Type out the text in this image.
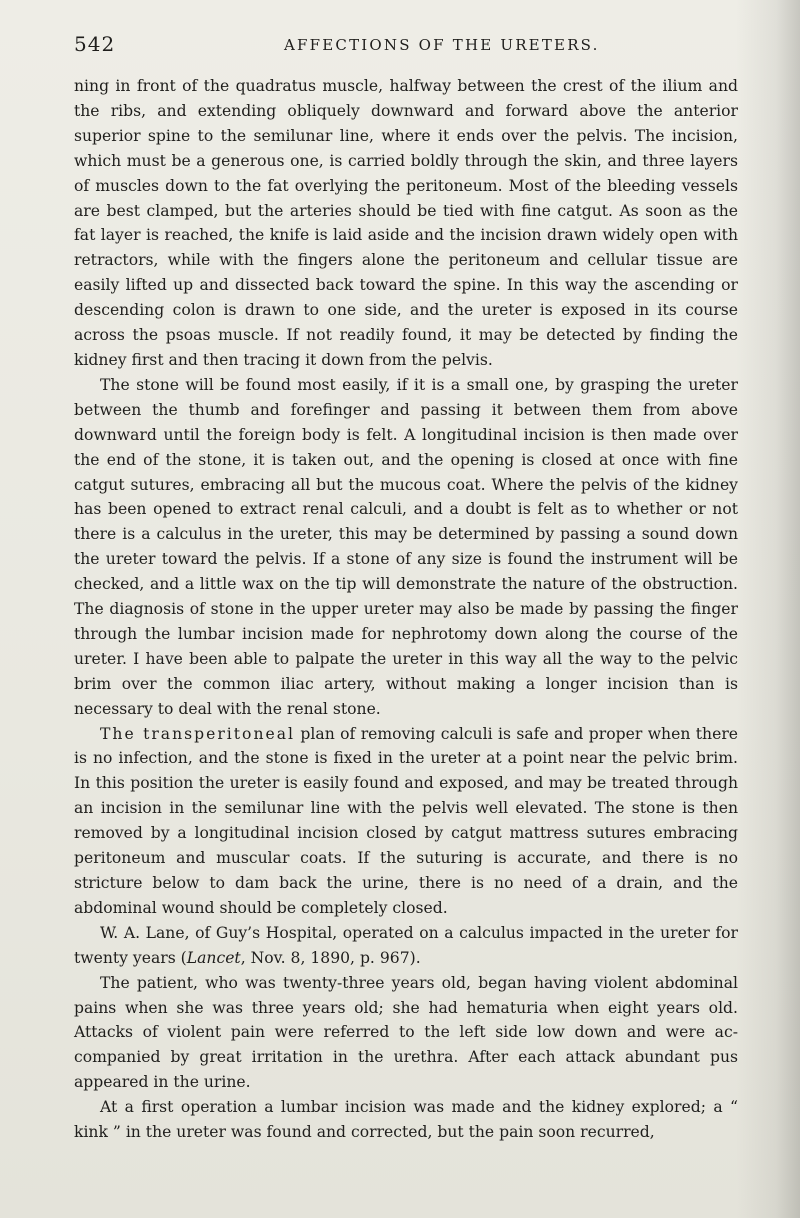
542	AFFECTIONS OF THE URETERS.

ning in front of the quadratus muscle, halfway between the crest of the ilium and the ribs, and extending obliquely downward and forward above the anterior superior spine to the semilunar line, where it ends over the pelvis. The incision, which must be a generous one, is carried boldly through the skin, and three layers of muscles down to the fat overlying the peritoneum. Most of the bleeding vessels are best clamped, but the arteries should be tied with fine catgut. As soon as the fat layer is reached, the knife is laid aside and the incision drawn widely open with retractors, while with the fingers alone the peritoneum and cellular tissue are easily lifted up and dissected back toward the spine. In this way the ascending or descending colon is drawn to one side, and the ureter is exposed in its course across the psoas muscle. If not readily found, it may be detected by finding the kidney first and then tracing it down from the pelvis.

The stone will be found most easily, if it is a small one, by grasping the ureter between the thumb and forefinger and passing it between them from above downward until the foreign body is felt. A longitudinal incision is then made over the end of the stone, it is taken out, and the opening is closed at once with fine catgut sutures, embracing all but the mucous coat. Where the pelvis of the kidney has been opened to extract renal calculi, and a doubt is felt as to whether or not there is a calculus in the ureter, this may be determined by passing a sound down the ureter toward the pelvis. If a stone of any size is found the instrument will be checked, and a little wax on the tip will demonstrate the nature of the obstruction. The diagnosis of stone in the upper ureter may also be made by passing the finger through the lumbar incision made for nephrotomy down along the course of the ureter. I have been able to palpate the ureter in this way all the way to the pelvic brim over the common iliac artery, without making a longer incision than is necessary to deal with the renal stone.

The transperitoneal plan of removing calculi is safe and proper when there is no infection, and the stone is fixed in the ureter at a point near the pelvic brim. In this position the ureter is easily found and exposed, and may be treated through an incision in the semilunar line with the pelvis well elevated. The stone is then removed by a longitudinal incision closed by catgut mattress sutures embracing peritoneum and muscular coats. If the suturing is accurate, and there is no stricture below to dam back the urine, there is no need of a drain, and the abdominal wound should be completely closed.

W. A. Lane, of Guy’s Hospital, operated on a calculus impacted in the ureter for twenty years (Lancet, Nov. 8, 1890, p. 967).

The patient, who was twenty-three years old, began having violent abdominal pains when she was three years old; she had hematuria when eight years old. Attacks of violent pain were referred to the left side low down and were accompanied by great irritation in the urethra. After each attack abundant pus appeared in the urine.

At a first operation a lumbar incision was made and the kidney explored; a “ kink ” in the ureter was found and corrected, but the pain soon recurred,
